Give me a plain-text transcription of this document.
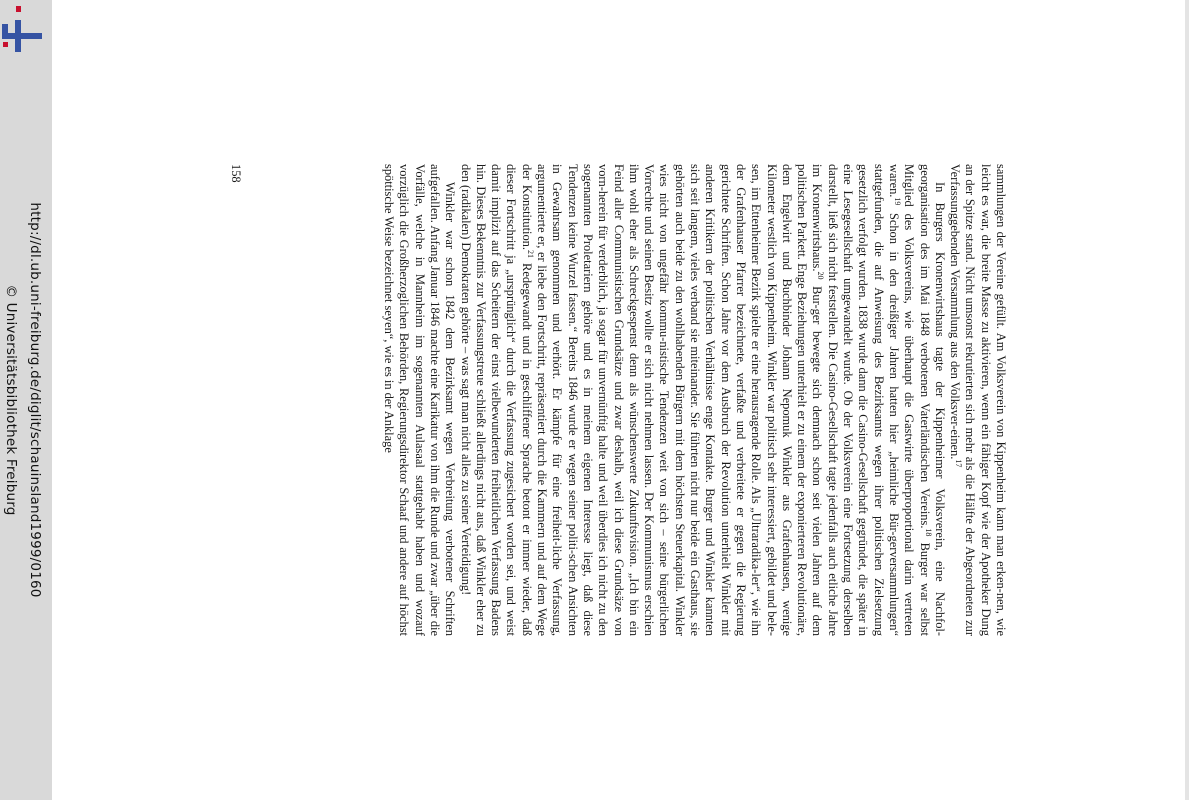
http://dl.ub.uni-freiburg.de/diglit/schauinsland1999/0160
© Universitätsbibliothek Freiburg	sammlungen der Vereine gefüllt. Am Volksverein von Kippenheim kann man erken-nen, wie leicht es war, die breite Masse zu aktivieren, wenn ein fähiger Kopf wie der Apotheker Dung an der Spitze stand. Nicht umsonst rekrutierten sich mehr als die Hälfte der Abgeordneten zur Verfassunggebenden Versammlung aus den Volksver-einen.$^{17}$

In Burgers Kronenwirtshaus tagte der Kippenheimer Volksverein, eine Nachfol-georganisation des im Mai 1848 verbotenen Vaterländischen Vereins.$^{18}$ Burger war selbst Mitglied des Volksvereins, wie überhaupt die Gastwirte überproportional darin vertreten waren.$^{19}$ Schon in den dreißiger Jahren hatten hier „heimliche Bür-gerversammlungen“ stattgefunden, die auf Anweisung des Bezirksamts wegen ihrer politischen Zielsetzung gesetzlich verfolgt wurden. 1838 wurde dann die Casino-Gesellschaft gegründet, die später in eine Lesegesellschaft umgewandelt wurde. Ob der Volksverein eine Fortsetzung derselben darstellt, ließ sich nicht feststellen. Die Casino-Gesellschaft tagte jedenfalls auch etliche Jahre im Kronenwirtshaus.$^{20}$ Bur-ger bewegte sich demnach schon seit vielen Jahren auf dem politischen Parkett. Enge Beziehungen unterhielt er zu einem der exponierteren Revolutionäre, dem Engelwirt und Buchbinder Johann Nepomuk Winkler aus Grafenhausen, wenige Kilometer westlich von Kippenheim. Winkler war politisch sehr interessiert, gebildet und bele-sen, im Ettenheimer Bezirk spielte er eine herausragende Rolle. Als „Ultraradika-ler“, wie ihn der Grafenhauser Pfarrer bezeichnete, verfaßte und verbreitete er gegen die Regierung gerichtete Schriften. Schon Jahre vor dem Ausbruch der Revolution unterhielt Winkler mit anderen Kritikern der politischen Verhältnisse enge Kontakte. Burger und Winkler kannten sich seit langem, vieles verband sie miteinander. Sie führten nicht nur beide ein Gasthaus, sie gehörten auch beide zu den wohlhabenden Bürgern mit dem höchsten Steuerkapital. Winkler wies nicht von ungefähr kommu-nistische Tendenzen weit von sich – seine bürgerlichen Vorrechte und seinen Besitz wollte er sich nicht nehmen lassen. Der Kommunismus erschien ihm wohl eher als Schreckgespenst denn als wünschenswerte Zukunftsvision. „Ich bin ein Feind aller Communistischen Grundsätze und zwar deshalb, weil ich diese Grundsäze von vorn-herein für verderblich, ja sogar für unvernünftig halte und weil überdies ich nicht zu den sogenannten Proletariern gehöre und es in meinem eigenen Interesse liegt, daß diese Tendenzen keine Wurzel fassen.“ Bereits 1846 wurde er wegen seiner politi-schen Ansichten in Gewahrsam genommen und verhört. Er kämpfe für eine freiheit-liche Verfassung, argumentierte er, er liebe den Fortschritt, repräsentiert durch die Kammern und auf dem Wege der Konstitution.$^{21}$ Redegewandt und in geschliffener Sprache betont er immer wieder, daß dieser Fortschritt ja „ursprünglich“ durch die Verfassung zugesichert worden sei, und weist damit implizit auf das Scheitern der einst vielbewunderten freiheitlichen Verfassung Badens hin. Dieses Bekenntnis zur Verfassungstreue schließt allerdings nicht aus, daß Winkler eher zu den (radikalen) Demokraten gehörte – was sagt man nicht alles zu seiner Verteidigung!

Winkler war schon 1842 dem Bezirksamt wegen Verbreitung verbotener Schriften aufgefallen. Anfang Januar 1846 machte eine Karikatur von ihm die Runde und zwar „über die Vorfälle, welche in Mannheim im sogenannten Aulasaal stattgehabt haben und wozauf vorzüglich die Großherzoglichen Behörden, Regierungsdirektor Schaaf und andere auf höchst spöttische Weise bezeichnet seyen“, wie es in der Anklage

158
